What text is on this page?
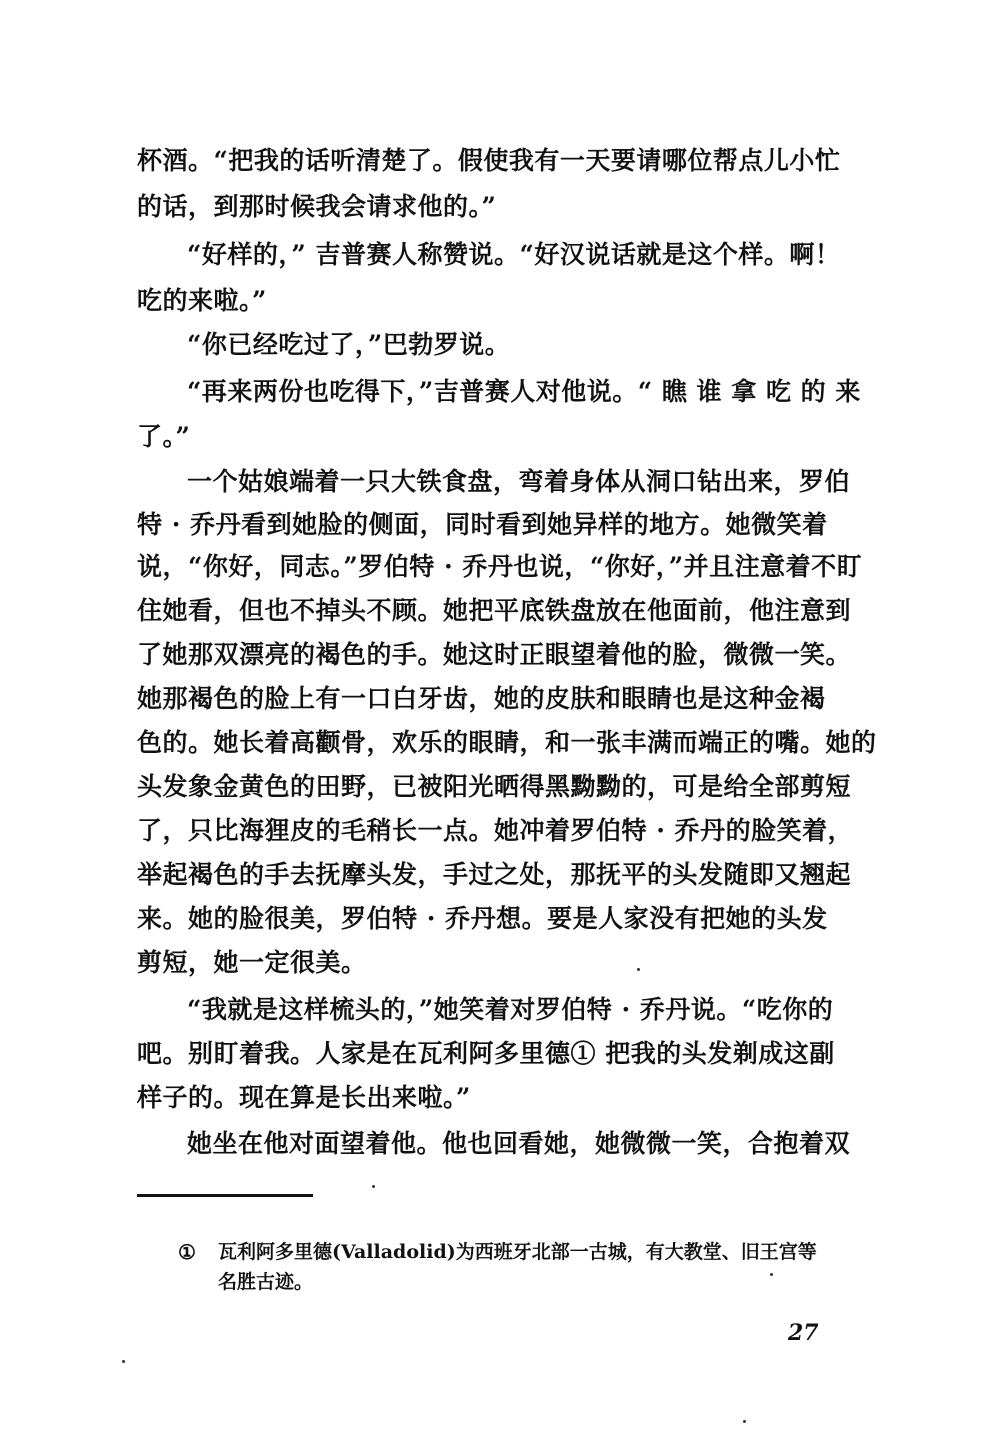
杯酒。“把我的话听清楚了。假使我有一天要请哪位帮点儿小忙
的话，到那时候我会请求他的。”
“好样的，” 吉普赛人称赞说。“好汉说话就是这个样。啊！
吃的来啦。”
“你已经吃过了，”巴勃罗说。
“再来两份也吃得下，”吉普赛人对他说。“ 瞧 谁 拿 吃 的 来
了。”
一个姑娘端着一只大铁食盘，弯着身体从洞口钻出来，罗伯
特 · 乔丹看到她脸的侧面，同时看到她异样的地方。她微笑着
说，“你好，同志。”罗伯特 · 乔丹也说，“你好，”并且注意着不盯
住她看，但也不掉头不顾。她把平底铁盘放在他面前，他注意到
了她那双漂亮的褐色的手。她这时正眼望着他的脸，微微一笑。
她那褐色的脸上有一口白牙齿，她的皮肤和眼睛也是这种金褐
色的。她长着高颧骨，欢乐的眼睛，和一张丰满而端正的嘴。她的
头发象金黄色的田野，已被阳光晒得黑黝黝的，可是给全部剪短
了，只比海狸皮的毛稍长一点。她冲着罗伯特 · 乔丹的脸笑着，
举起褐色的手去抚摩头发，手过之处，那抚平的头发随即又翘起
来。她的脸很美，罗伯特 · 乔丹想。要是人家没有把她的头发
剪短，她一定很美。
“我就是这样梳头的，”她笑着对罗伯特 · 乔丹说。“吃你的
吧。别盯着我。人家是在瓦利阿多里德① 把我的头发剃成这副
样子的。现在算是长出来啦。”
她坐在他对面望着他。他也回看她，她微微一笑，合抱着双
① 瓦利阿多里德(Valladolid)为西班牙北部一古城，有大教堂、旧王宫等
名胜古迹。
27
